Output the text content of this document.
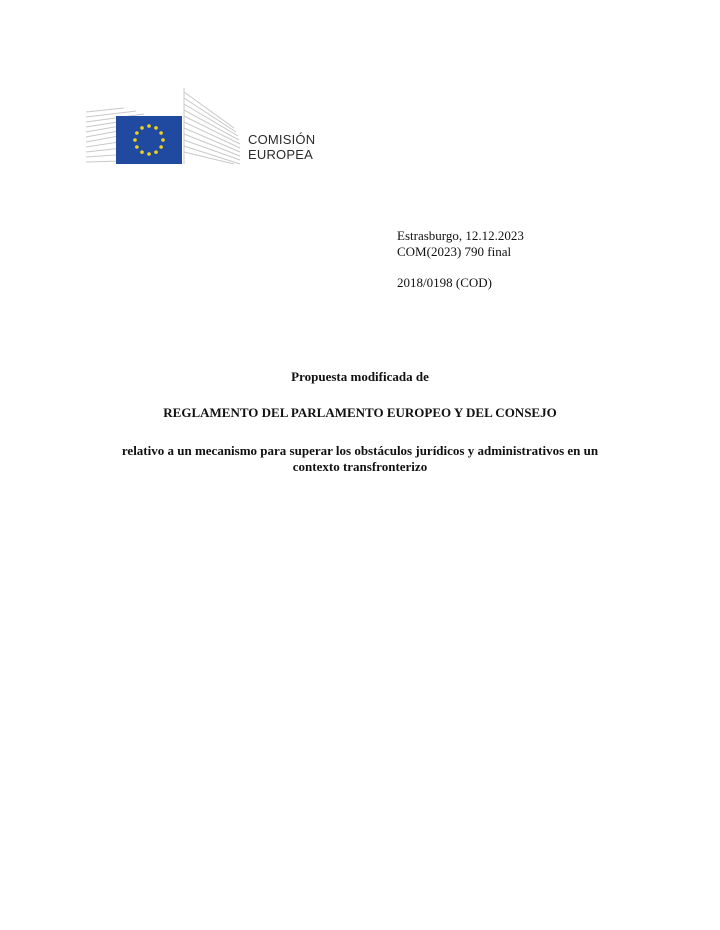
COMISIÓN
EUROPEA
Estrasburgo, 12.12.2023
COM(2023) 790 final
2018/0198 (COD)
Propuesta modificada de
REGLAMENTO DEL PARLAMENTO EUROPEO Y DEL CONSEJO
relativo a un mecanismo para superar los obstáculos jurídicos y administrativos en un
contexto transfronterizo
